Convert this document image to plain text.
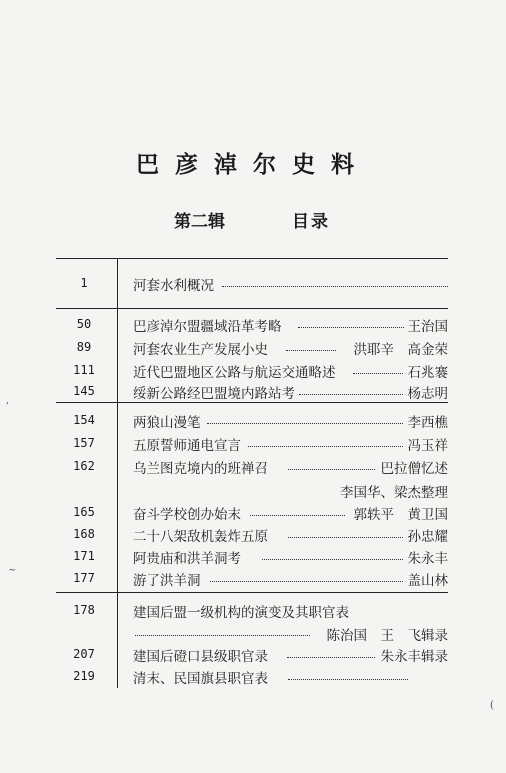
巴彦淖尔史料
第二辑	目录
1	河套水利概况
50	巴彦淖尔盟疆域沿革考略	王治国
89	河套农业生产发展小史	洪耶辛　高金荣
111	近代巴盟地区公路与航运交通略述	石兆褰
145	绥新公路经巴盟境内路站考	杨志明
154	两狼山漫笔	李西樵
157	五原誓师通电宣言	冯玉祥
162	乌兰图克境内的班禅召	巴拉僧忆述
李国华、梁杰整理
165	奋斗学校创办始末	郭轶平　黄卫国
168	二十八架敌机轰炸五原	孙忠耀
171	阿贵庙和洪羊洞考	朱永丰
177	游了洪羊洞	盖山林
178	建国后盟一级机构的演变及其职官表
陈治国　王　飞辑录
207	建国后磴口县级职官录	朱永丰辑录
219	清末、民国旗县职官表
,
~
(
